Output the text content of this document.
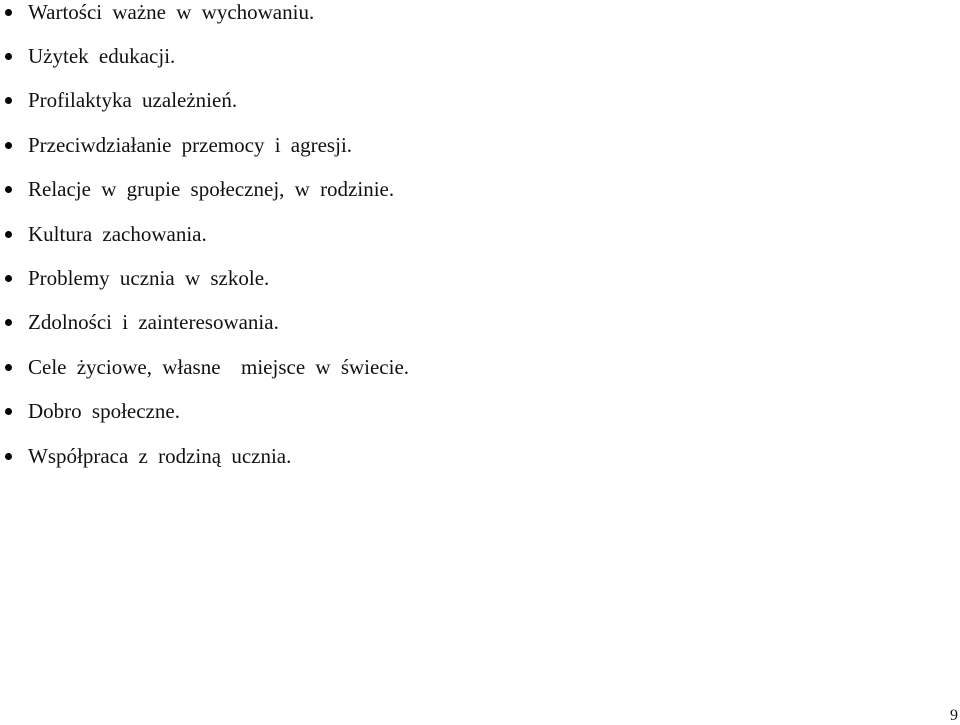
Wartości ważne w wychowaniu.
Użytek edukacji.
Profilaktyka uzależnień.
Przeciwdziałanie przemocy i agresji.
Relacje w grupie społecznej, w rodzinie.
Kultura zachowania.
Problemy ucznia w szkole.
Zdolności i zainteresowania.
Cele życiowe, własne  miejsce w świecie.
Dobro społeczne.
Współpraca z rodziną ucznia.
9
